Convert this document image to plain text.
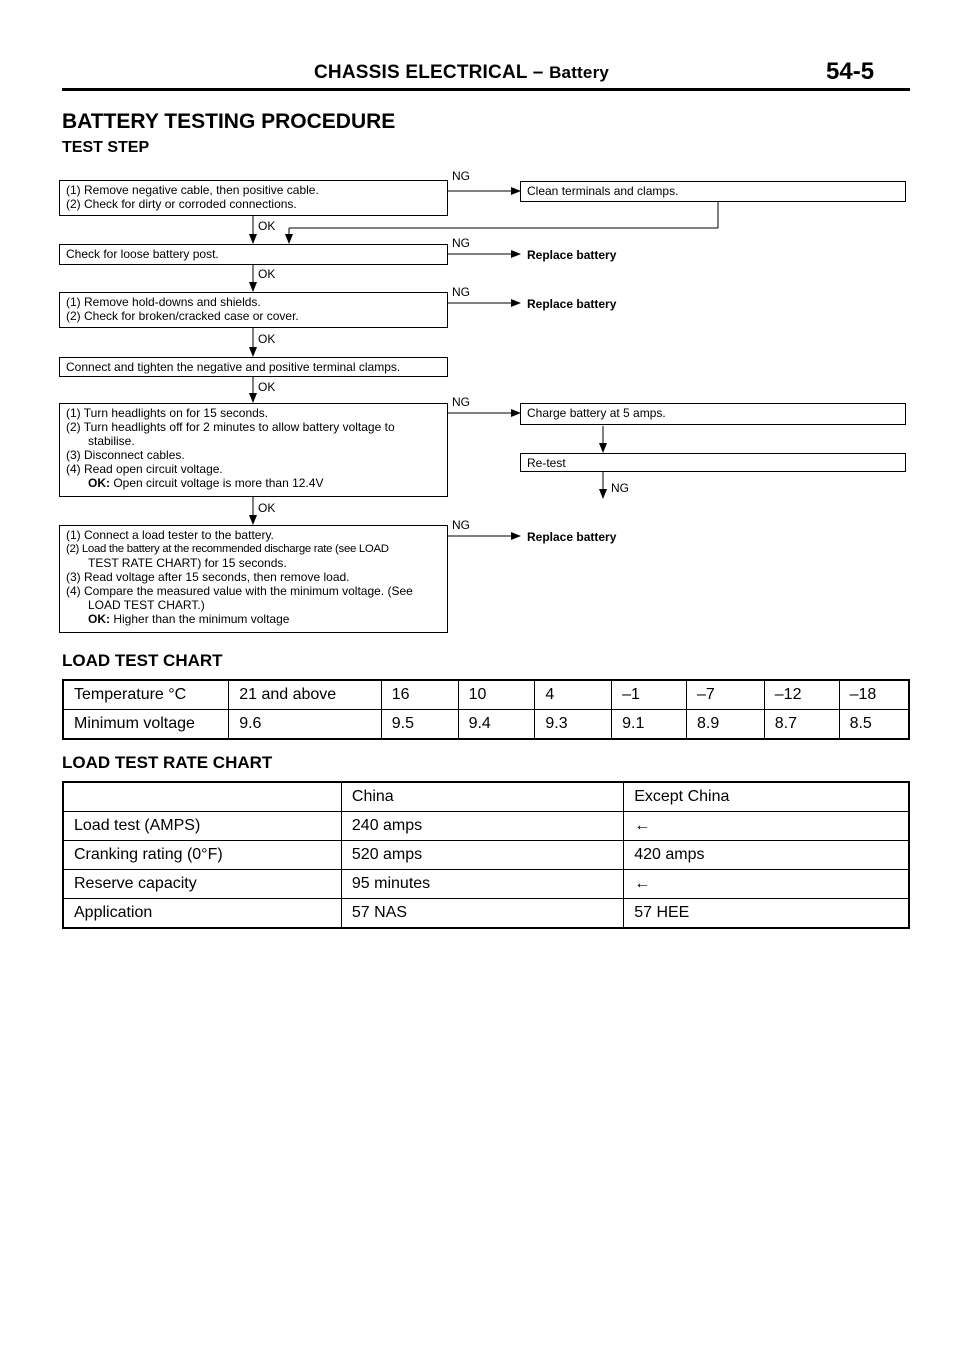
CHASSIS ELECTRICAL – Battery	54-5
BATTERY TESTING PROCEDURE
TEST STEP
(1) Remove negative cable, then positive cable.
(2) Check for dirty or corroded connections.
NG
Clean terminals and clamps.
OK
Check for loose battery post.
NG
Replace battery
OK
(1) Remove hold-downs and shields.
(2) Check for broken/cracked case or cover.
NG
Replace battery
OK
Connect and tighten the negative and positive terminal clamps.
OK
(1) Turn headlights on for 15 seconds.
(2) Turn headlights off for 2 minutes to allow battery voltage to
stabilise.
(3) Disconnect cables.
(4) Read open circuit voltage.
OK: Open circuit voltage is more than 12.4V
NG
Charge battery at 5 amps.
Re-test
NG
OK
(1) Connect a load tester to the battery.
(2) Load the battery at the recommended discharge rate (see LOAD
TEST RATE CHART) for 15 seconds.
(3) Read voltage after 15 seconds, then remove load.
(4) Compare the measured value with the minimum voltage. (See
LOAD TEST CHART.)
OK: Higher than the minimum voltage
NG
Replace battery
LOAD TEST CHART
Temperature °C	21 and above	16	10	4	–1	–7	–12	–18
Minimum voltage	9.6	9.5	9.4	9.3	9.1	8.9	8.7	8.5
LOAD TEST RATE CHART
	China	Except China
Load test (AMPS)	240 amps	←
Cranking rating (0°F)	520 amps	420 amps
Reserve capacity	95 minutes	←
Application	57 NAS	57 HEE
